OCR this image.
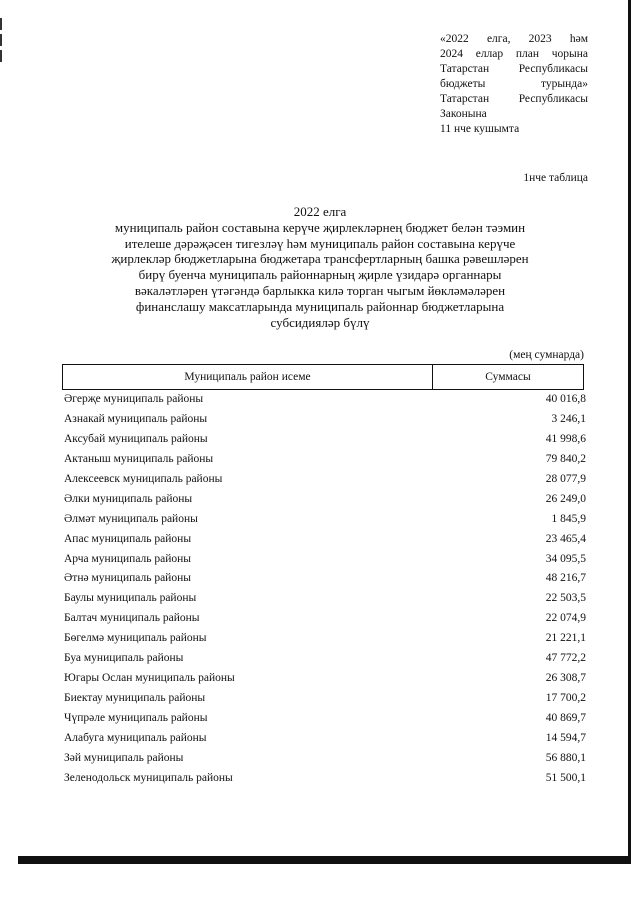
«2022 елга, 2023 һәм
2024 еллар план чорына
Татарстан Республикасы
бюджеты турында»
Татарстан Республикасы
Законына
11 нче кушымта
1нче таблица
2022 елга
муниципаль район составына керүче җирлекләрнең бюджет белән тәэмин
ителеше дәрәҗәсен тигезләү һәм муниципаль район составына керүче
җирлекләр бюджетларына бюджетара трансфертларның башка рәвешләрен
бирү буенча муниципаль районнарның җирле үзидарә органнары
вәкаләтләрен үтәгәндә барлыкка килә торган чыгым йөкләмәләрен
финанслашу максатларында муниципаль районнар бюджетларына
субсидияләр бүлү
(мең сумнарда)
Муниципаль район исеме	Суммасы
Әгерҗе муниципаль районы	40 016,8
Азнакай муниципаль районы	3 246,1
Аксубай муниципаль районы	41 998,6
Актаныш муниципаль районы	79 840,2
Алексеевск муниципаль районы	28 077,9
Әлки муниципаль районы	26 249,0
Әлмәт муниципаль районы	1 845,9
Апас муниципаль районы	23 465,4
Арча муниципаль районы	34 095,5
Әтнә муниципаль районы	48 216,7
Баулы муниципаль районы	22 503,5
Балтач муниципаль районы	22 074,9
Бөгелмә муниципаль районы	21 221,1
Буа муниципаль районы	47 772,2
Югары Ослан муниципаль районы	26 308,7
Биектау муниципаль районы	17 700,2
Чүпрәле муниципаль районы	40 869,7
Алабуга муниципаль районы	14 594,7
Зәй муниципаль районы	56 880,1
Зеленодольск муниципаль районы	51 500,1
